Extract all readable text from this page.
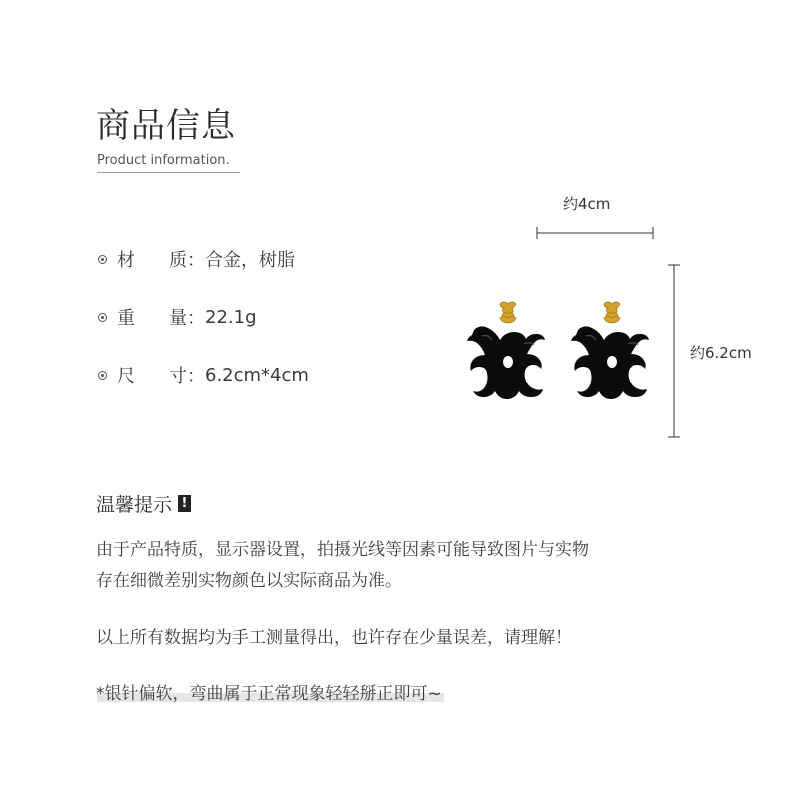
商品信息
Product information.
材	质 ： 合金，树脂
重	量 ： 22.1g
尺	寸 ： 6.2cm*4cm
约4cm
约6.2cm
温馨提示 !
由于产品特质，显示器设置，拍摄光线等因素可能导致图片与实物
存在细微差别实物颜色以实际商品为准。
以上所有数据均为手工测量得出，也许存在少量误差，请理解！
*银针偏软，弯曲属于正常现象轻轻掰正即可~
